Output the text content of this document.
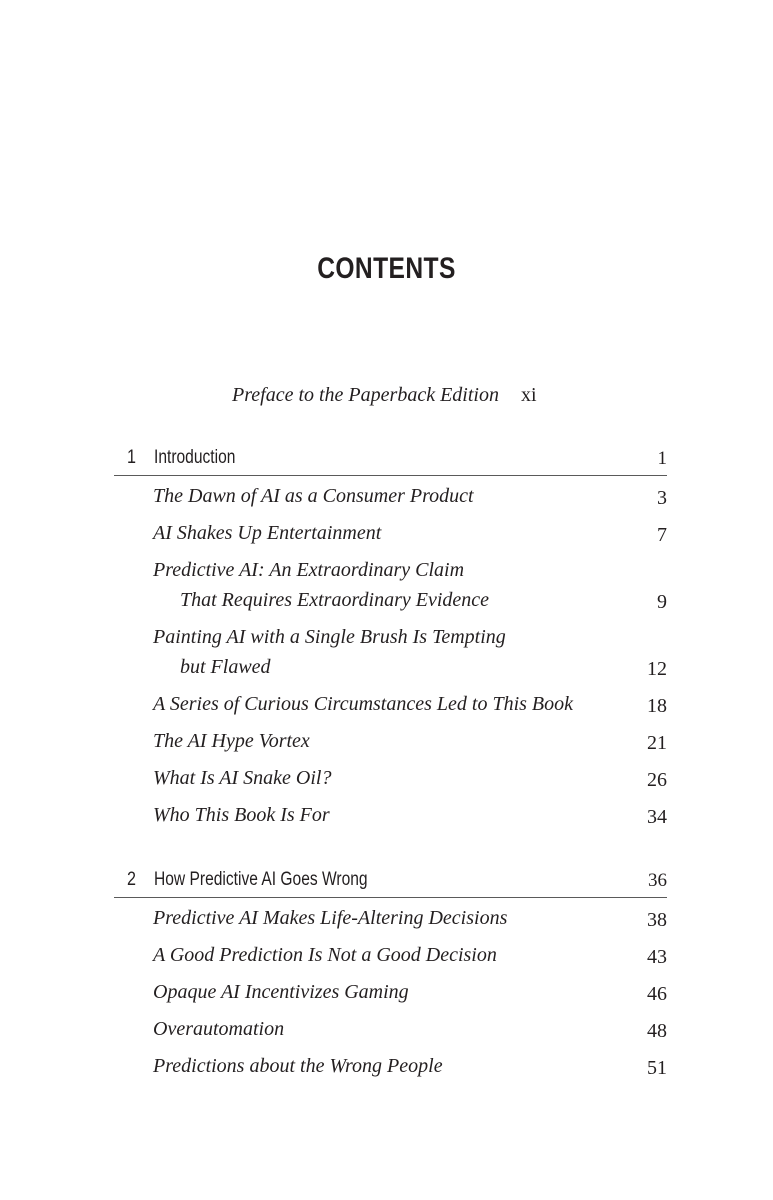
CONTENTS
Preface to the Paperback Edition xi
1 Introduction	1
The Dawn of AI as a Consumer Product	3
AI Shakes Up Entertainment	7
Predictive AI: An Extraordinary Claim
That Requires Extraordinary Evidence	9
Painting AI with a Single Brush Is Tempting
but Flawed	12
A Series of Curious Circumstances Led to This Book	18
The AI Hype Vortex	21
What Is AI Snake Oil?	26
Who This Book Is For	34
2 How Predictive AI Goes Wrong	36
Predictive AI Makes Life-Altering Decisions	38
A Good Prediction Is Not a Good Decision	43
Opaque AI Incentivizes Gaming	46
Overautomation	48
Predictions about the Wrong People	51
